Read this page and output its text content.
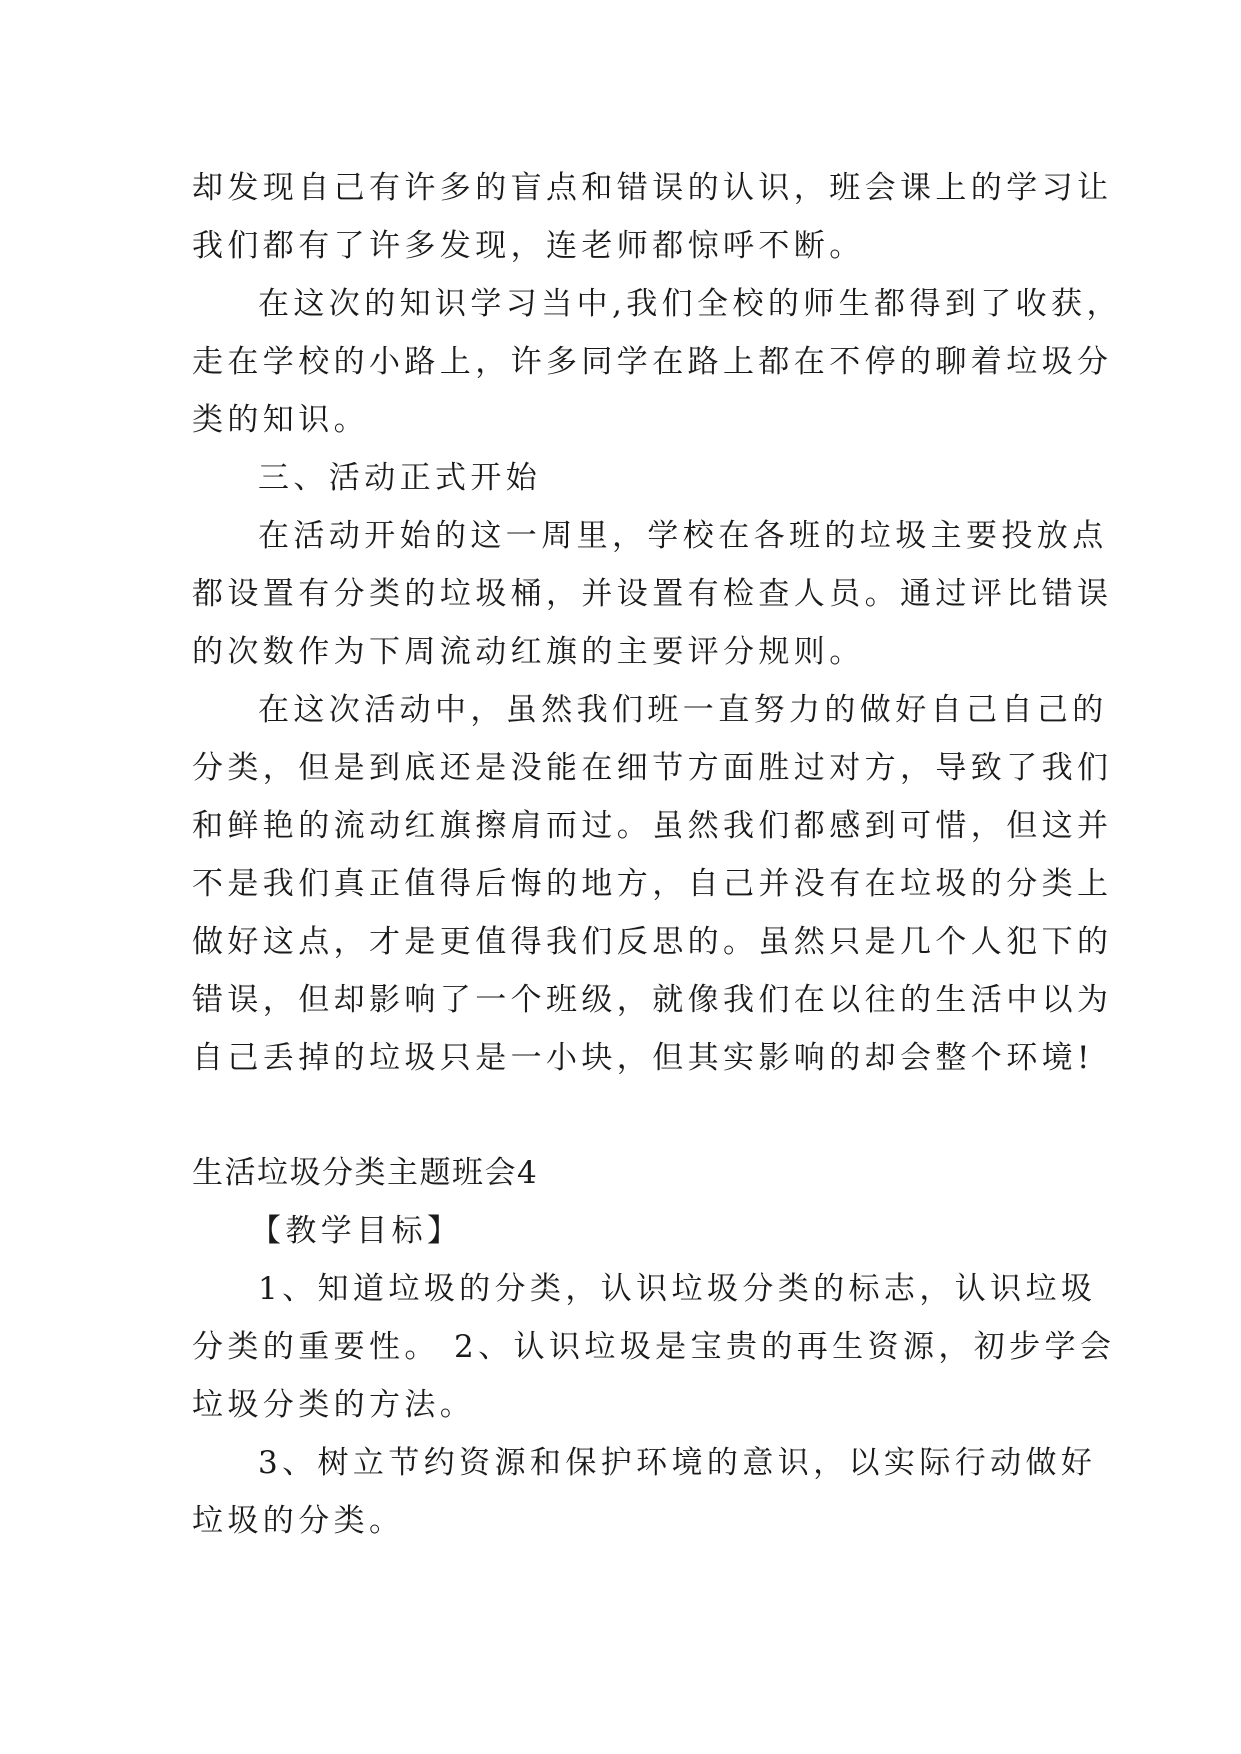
却发现自己有许多的盲点和错误的认识，班会课上的学习让

我们都有了许多发现，连老师都惊呼不断。

在这次的知识学习当中,我们全校的师生都得到了收获，

走在学校的小路上，许多同学在路上都在不停的聊着垃圾分

类的知识。

三、活动正式开始

在活动开始的这一周里，学校在各班的垃圾主要投放点

都设置有分类的垃圾桶，并设置有检查人员。通过评比错误

的次数作为下周流动红旗的主要评分规则。

在这次活动中，虽然我们班一直努力的做好自己自己的

分类，但是到底还是没能在细节方面胜过对方，导致了我们

和鲜艳的流动红旗擦肩而过。虽然我们都感到可惜，但这并

不是我们真正值得后悔的地方，自己并没有在垃圾的分类上

做好这点，才是更值得我们反思的。虽然只是几个人犯下的

错误，但却影响了一个班级，就像我们在以往的生活中以为

自己丢掉的垃圾只是一小块，但其实影响的却会整个环境!

生活垃圾分类主题班会4

【教学目标】

1、知道垃圾的分类，认识垃圾分类的标志，认识垃圾

分类的重要性。 2、认识垃圾是宝贵的再生资源，初步学会

垃圾分类的方法。

3、树立节约资源和保护环境的意识，以实际行动做好

垃圾的分类。
